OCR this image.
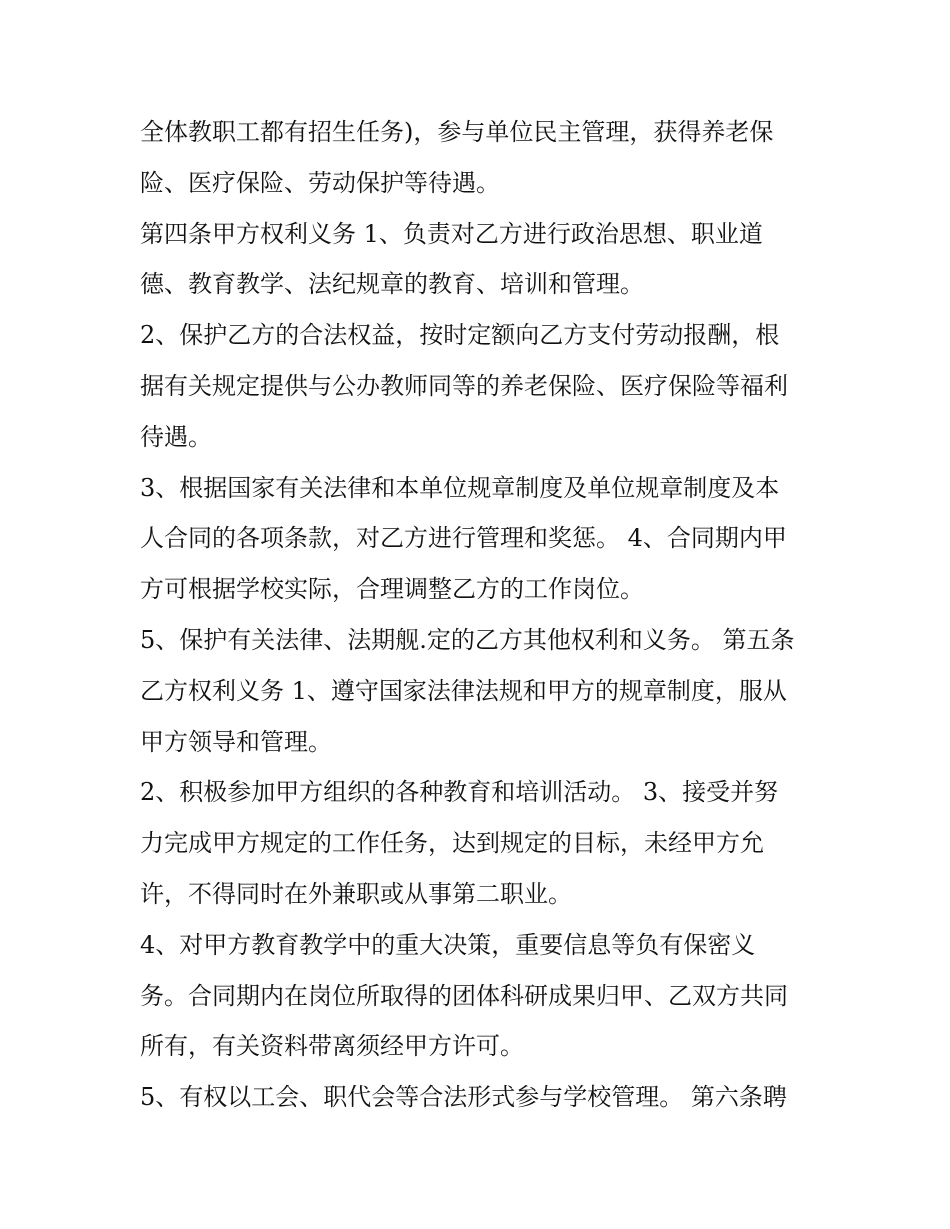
全体教职工都有招生任务)，参与单位民主管理，获得养老保
险、医疗保险、劳动保护等待遇。
第四条甲方权利义务 1、负责对乙方进行政治思想、职业道
德、教育教学、法纪规章的教育、培训和管理。
2、保护乙方的合法权益，按时定额向乙方支付劳动报酬，根
据有关规定提供与公办教师同等的养老保险、医疗保险等福利
待遇。
3、根据国家有关法律和本单位规章制度及单位规章制度及本
人合同的各项条款，对乙方进行管理和奖惩。 4、合同期内甲
方可根据学校实际，合理调整乙方的工作岗位。
5、保护有关法律、法期舰.定的乙方其他权利和义务。 第五条
乙方权利义务 1、遵守国家法律法规和甲方的规章制度，服从
甲方领导和管理。
2、积极参加甲方组织的各种教育和培训活动。 3、接受并努
力完成甲方规定的工作任务，达到规定的目标，未经甲方允
许，不得同时在外兼职或从事第二职业。
4、对甲方教育教学中的重大决策，重要信息等负有保密义
务。合同期内在岗位所取得的团体科研成果归甲、乙双方共同
所有，有关资料带离须经甲方许可。
5、有权以工会、职代会等合法形式参与学校管理。 第六条聘
